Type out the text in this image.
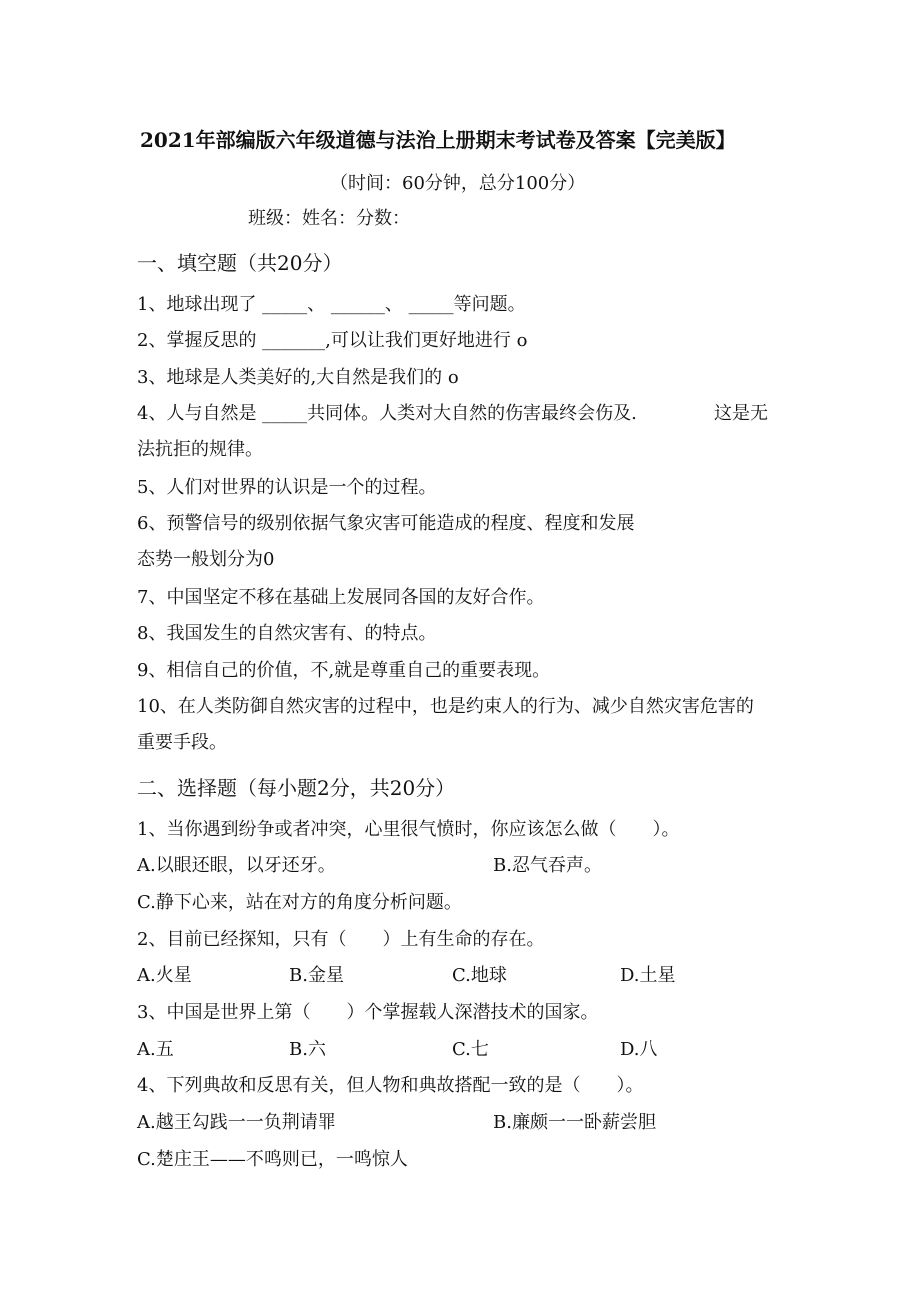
2021年部编版六年级道德与法治上册期末考试卷及答案【完美版】
（时间：60分钟，总分100分）
班级：姓名：分数：
一、填空题（共20分）
1、地球出现了 _____、 ______、 _____等问题。
2、掌握反思的 _______,可以让我们更好地进行 o
3、地球是人类美好的,大自然是我们的 o
4、人与自然是 _____共同体。人类对大自然的伤害最终会伤及.	这是无
法抗拒的规律。
5、人们对世界的认识是一个的过程。
6、预警信号的级别依据气象灾害可能造成的程度、程度和发展
态势一般划分为0
7、中国坚定不移在基础上发展同各国的友好合作。
8、我国发生的自然灾害有、的特点。
9、相信自己的价值，不,就是尊重自己的重要表现。
10、在人类防御自然灾害的过程中，也是约束人的行为、减少自然灾害危害的
重要手段。
二、选择题（每小题2分，共20分）
1、当你遇到纷争或者冲突，心里很气愤时，你应该怎么做（　　）。
A.以眼还眼，以牙还牙。	B.忍气吞声。
C.静下心来，站在对方的角度分析问题。
2、目前已经探知，只有（　　）上有生命的存在。
A.火星	B.金星	C.地球	D.土星
3、中国是世界上第（　　）个掌握载人深潜技术的国家。
A.五	B.六	C.七	D.八
4、下列典故和反思有关，但人物和典故搭配一致的是（　　）。
A.越王勾践一一负荆请罪	B.廉颇一一卧薪尝胆
C.楚庄王——不鸣则已，一鸣惊人
